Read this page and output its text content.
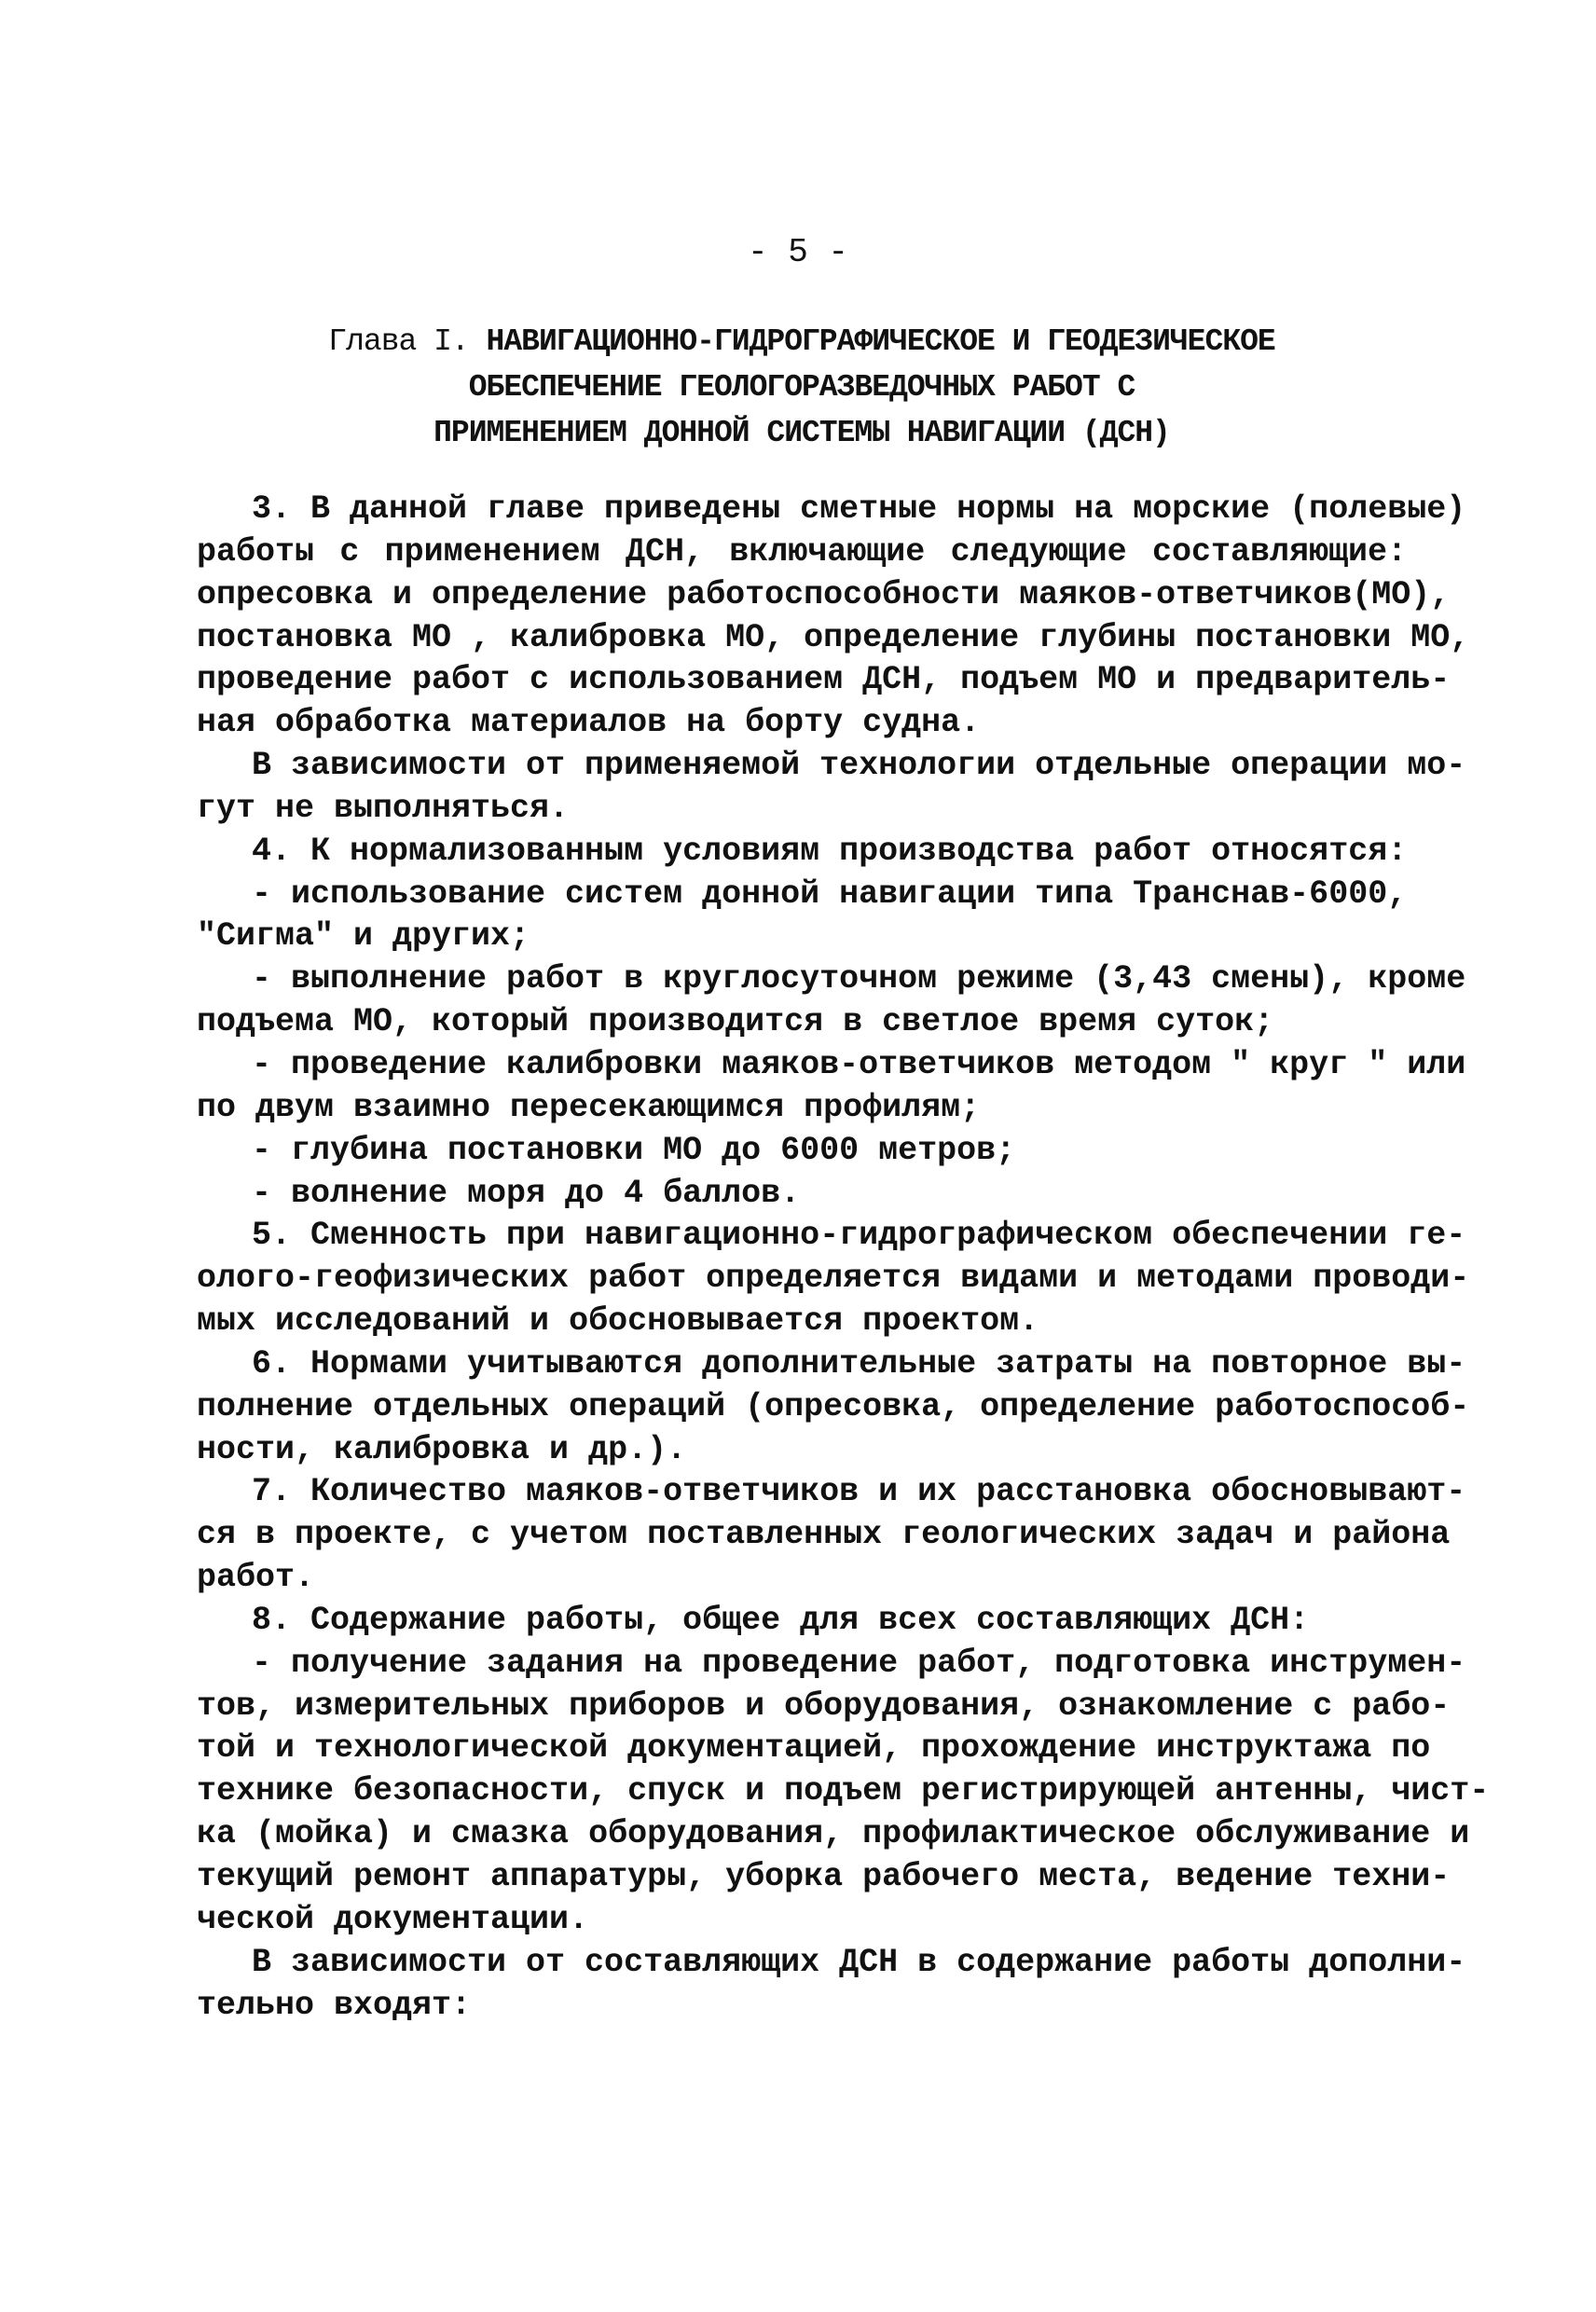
- 5 -
Глава I. НАВИГАЦИОННО-ГИДРОГРАФИЧЕСКОЕ И ГЕОДЕЗИЧЕСКОЕ
ОБЕСПЕЧЕНИЕ ГЕОЛОГОРАЗВЕДОЧНЫХ РАБОТ С
ПРИМЕНЕНИЕМ ДОННОЙ СИСТЕМЫ НАВИГАЦИИ (ДСН)
3. В данной главе приведены сметные нормы на морские (полевые)
работы с применением ДСН, включающие следующие составляющие:
опресовка и определение работоспособности маяков-ответчиков(МО),
постановка МО , калибровка МО, определение глубины постановки МО,
проведение работ с использованием ДСН, подъем МО и предваритель-
ная обработка материалов на борту судна.
В зависимости от применяемой технологии отдельные операции мо-
гут не выполняться.
4. К нормализованным условиям производства работ относятся:
- использование систем донной навигации типа Транснав-6000,
"Сигма" и других;
- выполнение работ в круглосуточном режиме (3,43 смены), кроме
подъема МО, который производится в светлое время суток;
- проведение калибровки маяков-ответчиков методом " круг " или
по двум взаимно пересекающимся профилям;
- глубина постановки МО до 6000 метров;
- волнение моря до 4 баллов.
5. Сменность при навигационно-гидрографическом обеспечении ге-
олого-геофизических работ определяется видами и методами проводи-
мых исследований и обосновывается проектом.
6. Нормами учитываются дополнительные затраты на повторное вы-
полнение отдельных операций (опресовка, определение работоспособ-
ности, калибровка и др.).
7. Количество маяков-ответчиков и их расстановка обосновывают-
ся в проекте, с учетом поставленных геологических задач и района
работ.
8. Содержание работы, общее для всех составляющих ДСН:
- получение задания на проведение работ, подготовка инструмен-
тов, измерительных приборов и оборудования, ознакомление с рабо-
той и технологической документацией, прохождение инструктажа по
технике безопасности, спуск и подъем регистрирующей антенны, чист-
ка (мойка) и смазка оборудования, профилактическое обслуживание и
текущий ремонт аппаратуры, уборка рабочего места, ведение техни-
ческой документации.
В зависимости от составляющих ДСН в содержание работы дополни-
тельно входят:
